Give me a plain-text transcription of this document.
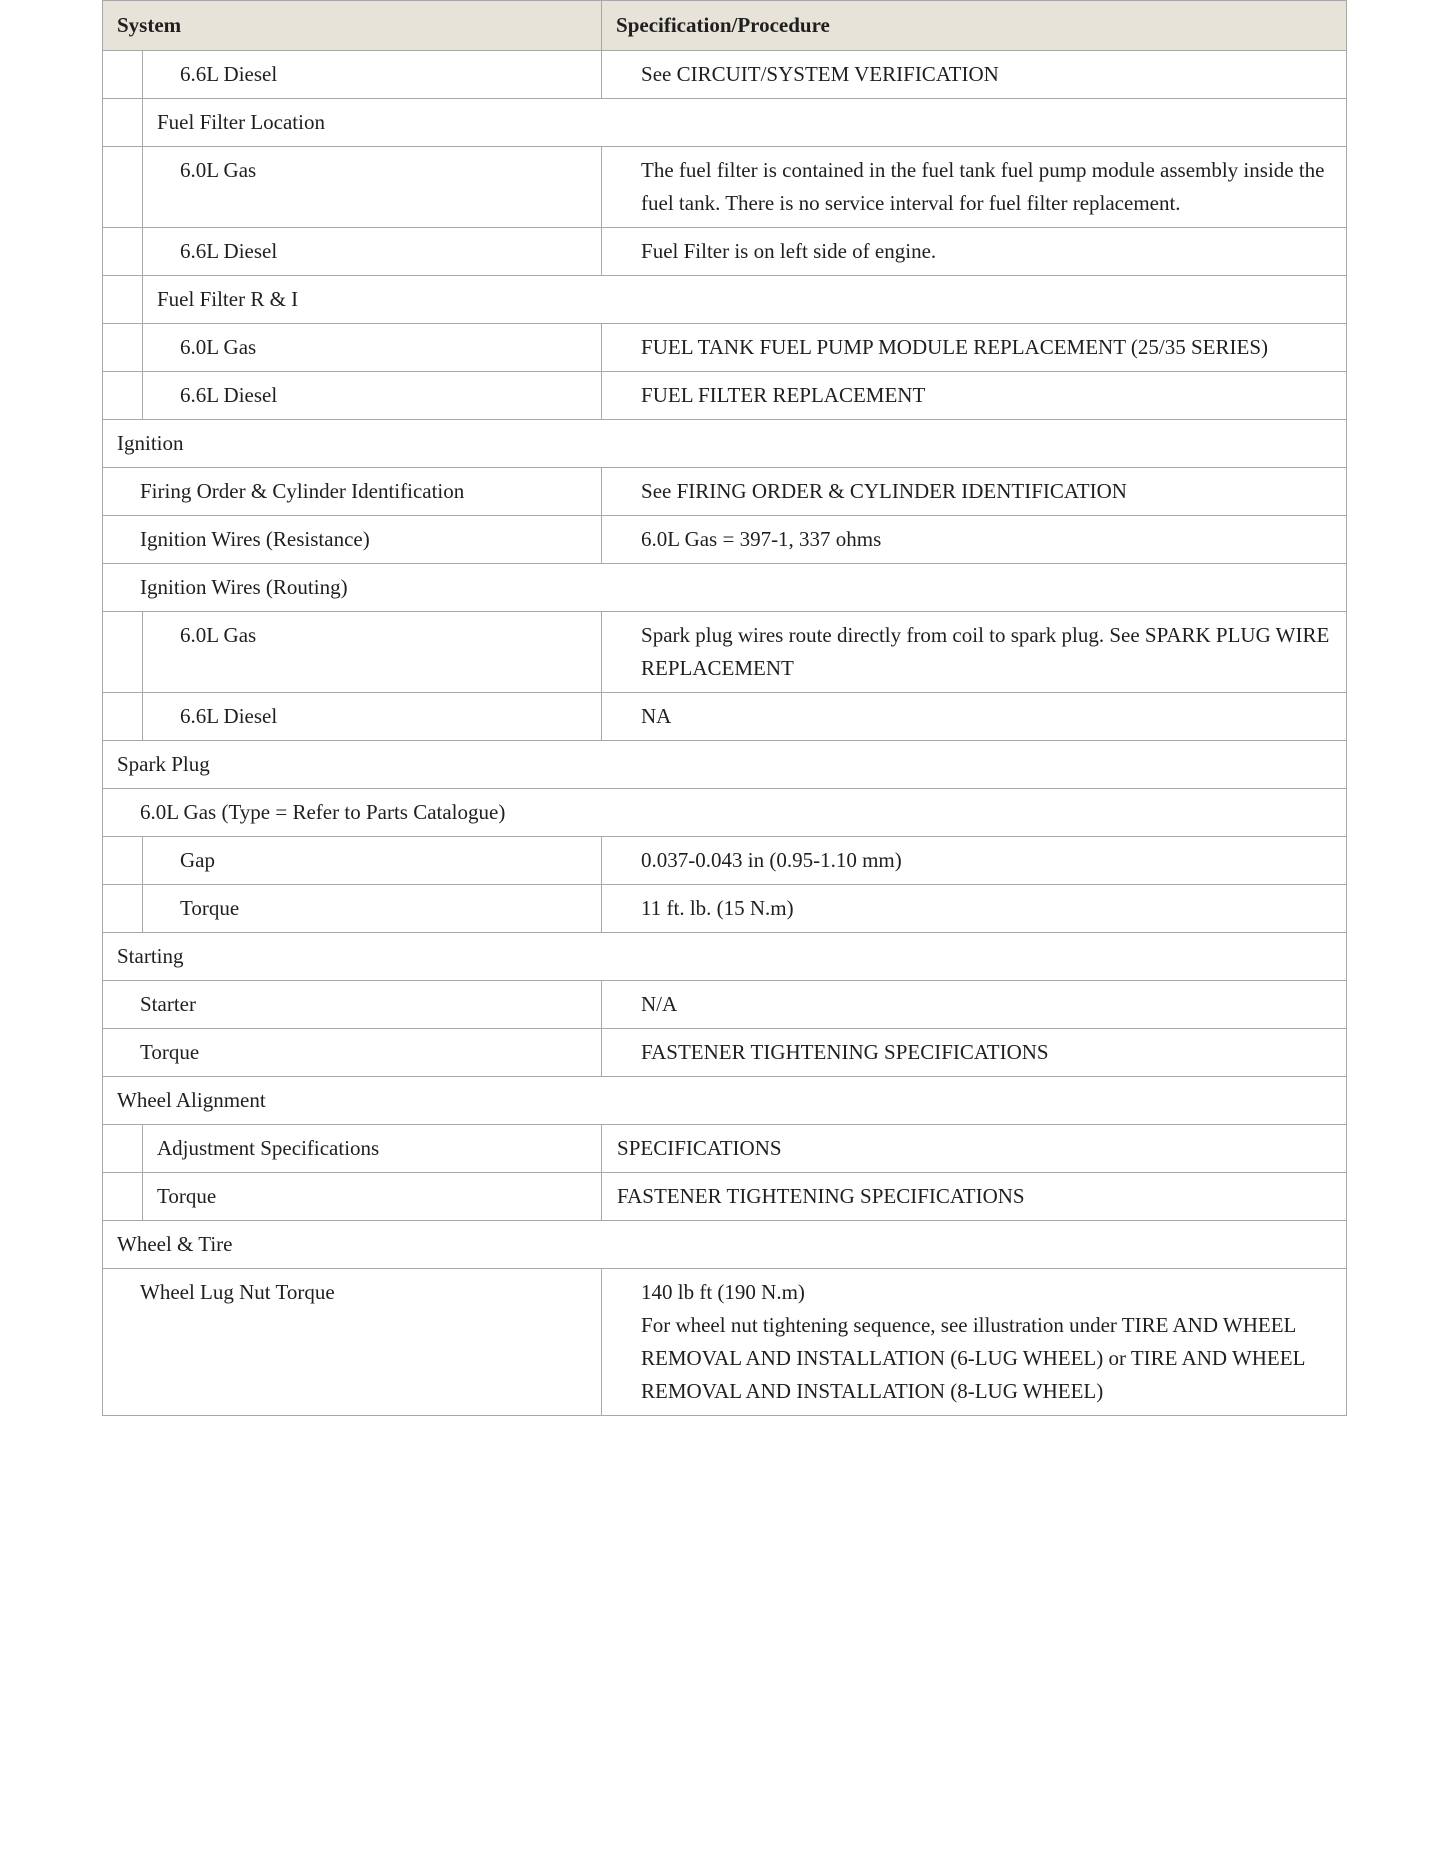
System		Specification/Procedure
	6.6L Diesel	See CIRCUIT/SYSTEM VERIFICATION
	Fuel Filter Location	
	6.0L Gas	The fuel filter is contained in the fuel tank fuel pump module assembly inside the fuel tank. There is no service interval for fuel filter replacement.
	6.6L Diesel	Fuel Filter is on left side of engine.
	Fuel Filter R & I	
	6.0L Gas	FUEL TANK FUEL PUMP MODULE REPLACEMENT (25/35 SERIES)
	6.6L Diesel	FUEL FILTER REPLACEMENT
Ignition		
Firing Order & Cylinder Identification		See FIRING ORDER & CYLINDER IDENTIFICATION
Ignition Wires (Resistance)		6.0L Gas = 397-1, 337 ohms
Ignition Wires (Routing)		
	6.0L Gas	Spark plug wires route directly from coil to spark plug. See SPARK PLUG WIRE REPLACEMENT
	6.6L Diesel	NA
Spark Plug		
6.0L Gas (Type = Refer to Parts Catalogue)		
	Gap	0.037-0.043 in (0.95-1.10 mm)
	Torque	11 ft. lb. (15 N.m)
Starting		
Starter		N/A
Torque		FASTENER TIGHTENING SPECIFICATIONS
Wheel Alignment		
	Adjustment Specifications	SPECIFICATIONS
	Torque	FASTENER TIGHTENING SPECIFICATIONS
Wheel & Tire		
Wheel Lug Nut Torque		140 lb ft (190 N.m)
For wheel nut tightening sequence, see illustration under TIRE AND WHEEL REMOVAL AND INSTALLATION (6-LUG WHEEL) or TIRE AND WHEEL REMOVAL AND INSTALLATION (8-LUG WHEEL)
